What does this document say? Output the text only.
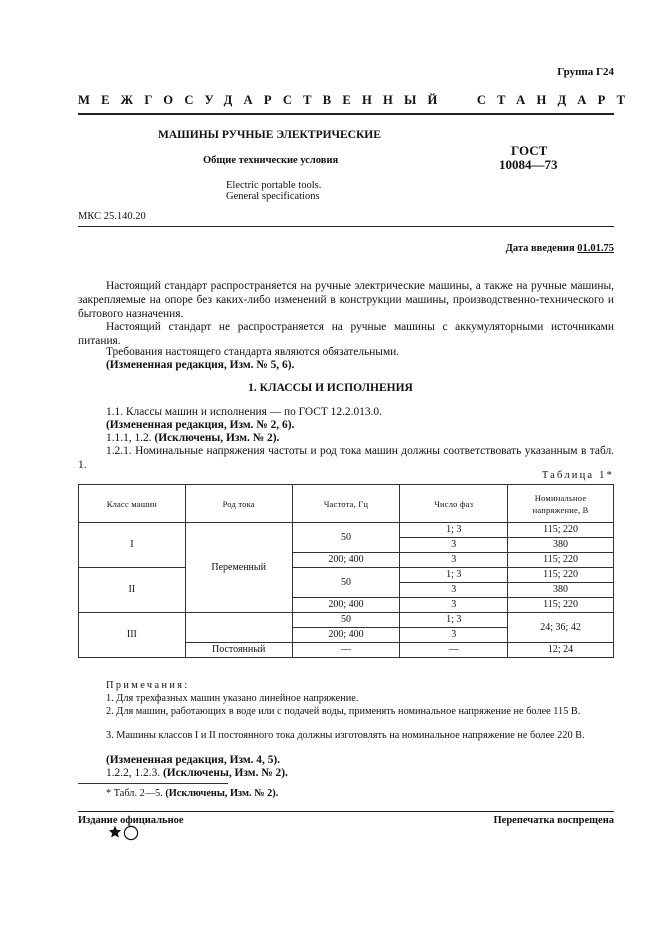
Группа Г24
МЕЖГОСУДАРСТВЕННЫЙ СТАНДАРТ
МАШИНЫ РУЧНЫЕ ЭЛЕКТРИЧЕСКИЕ
Общие технические условия
Electric portable tools.
General specifications
ГОСТ
10084—73
МКС 25.140.20
Дата введения 01.01.75
Настоящий стандарт распространяется на ручные электрические машины, а также на ручные машины, закрепляемые на опоре без каких-либо изменений в конструкции машины, производственно-технического и бытового назначения.
Настоящий стандарт не распространяется на ручные машины с аккумуляторными источниками питания.
Требования настоящего стандарта являются обязательными.
(Измененная редакция, Изм. № 5, 6).
1. КЛАССЫ И ИСПОЛНЕНИЯ
1.1. Классы машин и исполнения — по ГОСТ 12.2.013.0.
(Измененная редакция, Изм. № 2, 6).
1.1.1, 1.2. (Исключены, Изм. № 2).
1.2.1. Номинальные напряжения частоты и род тока машин должны соответствовать указанным в табл. 1.
Таблица 1*
Класс машин	Род тока	Частота, Гц	Число фаз	Номинальное напряжение, В
I	Переменный	50	1; 3	115; 220
			3	380
		200; 400	3	115; 220
II		50	1; 3	115; 220
			3	380
		200; 400	3	115; 220
III		50	1; 3	24; 36; 42
		200; 400	3	
	Постоянный	—	—	12; 24
Примечания:
1. Для трехфазных машин указано линейное напряжение.
2. Для машин, работающих в воде или с подачей воды, применять номинальное напряжение не более 115 В.
3. Машины классов I и II постоянного тока должны изготовлять на номинальное напряжение не более 220 В.
(Измененная редакция, Изм. 4, 5).
1.2.2, 1.2.3. (Исключены, Изм. № 2).
* Табл. 2—5. (Исключены, Изм. № 2).
Издание официальное	Перепечатка воспрещена
